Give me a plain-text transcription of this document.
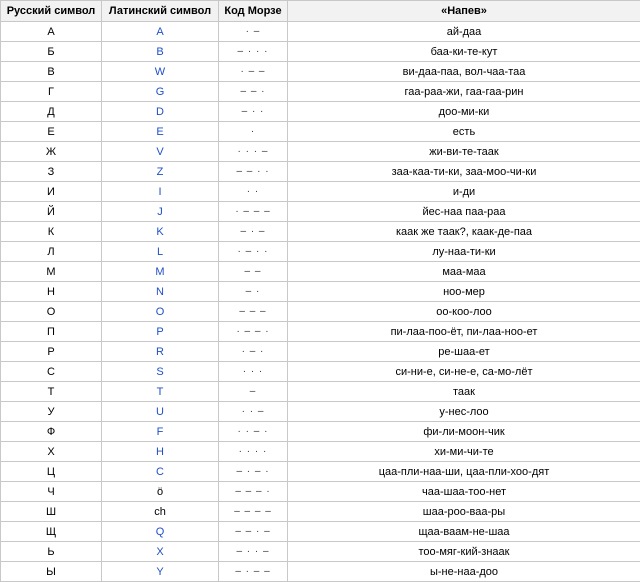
Русский символ	Латинский символ	Код Морзе	«Напев»
А	A	· –	ай-даа
Б	B	– · · ·	баа-ки-те-кут
В	W	· – –	ви-даа-паа, вол-чаа-таа
Г	G	– – ·	гаа-раа-жи, гаа-гаа-рин
Д	D	– · ·	доо-ми-ки
Е	E	·	есть
Ж	V	· · · –	жи-ви-те-таак
З	Z	– – · ·	заа-каа-ти-ки, заа-моо-чи-ки
И	I	· ·	и-ди
Й	J	· – – –	йес-наа паа-раа
К	K	– · –	каак же таак?, каак-де-паа
Л	L	· – · ·	лу-наа-ти-ки
М	M	– –	маа-маа
Н	N	– ·	ноо-мер
О	O	– – –	оо-коо-лоо
П	P	· – – ·	пи-лаа-поо-ёт, пи-лаа-ноо-ет
Р	R	· – ·	ре-шаа-ет
С	S	· · ·	си-ни-е, си-не-е, са-мо-лёт
Т	T	–	таак
У	U	· · –	у-нес-лоо
Ф	F	· · – ·	фи-ли-моон-чик
Х	H	· · · ·	хи-ми-чи-те
Ц	C	– · – ·	цаа-пли-наа-ши, цаа-пли-хоо-дят
Ч	ö	– – – ·	чаа-шаа-тоо-нет
Ш	ch	– – – –	шаа-роо-ваа-ры
Щ	Q	– – · –	щаа-ваам-не-шаа
Ь	X	– · · –	тоо-мяг-кий-знаак
Ы	Y	– · – –	ы-не-наа-доо
